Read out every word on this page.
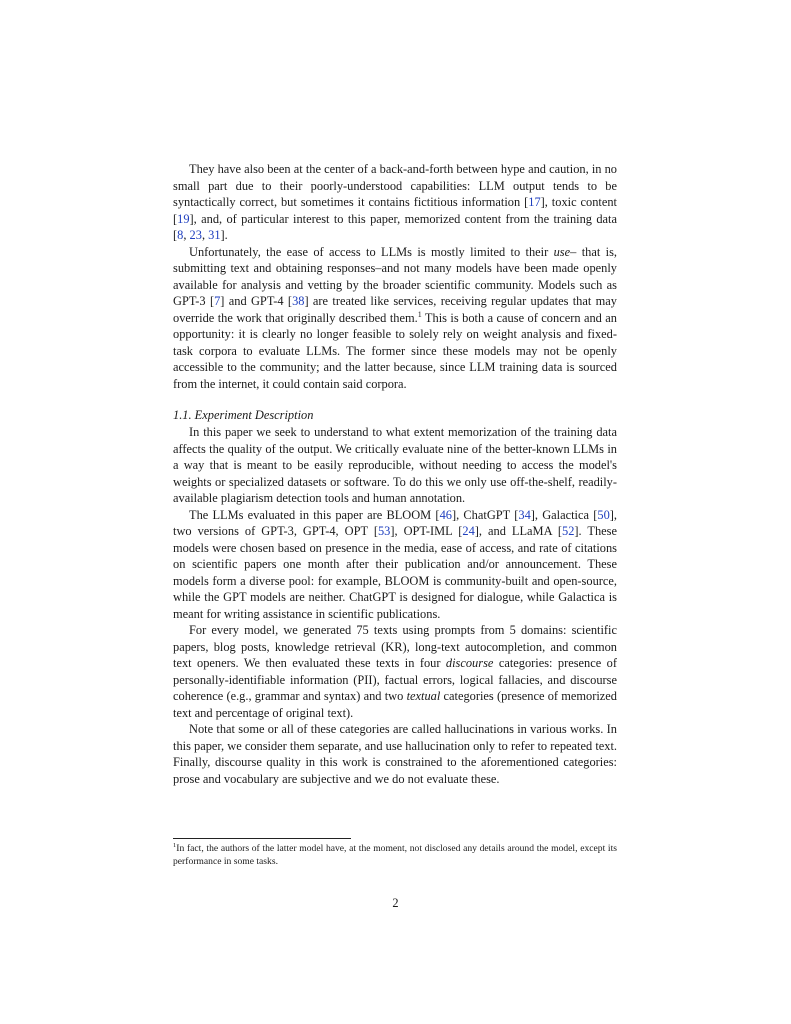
They have also been at the center of a back-and-forth between hype and caution, in no small part due to their poorly-understood capabilities: LLM output tends to be syntactically correct, but sometimes it contains fictitious information [17], toxic content [19], and, of particular interest to this paper, memorized content from the training data [8, 23, 31].

Unfortunately, the ease of access to LLMs is mostly limited to their use– that is, submitting text and obtaining responses–and not many models have been made openly available for analysis and vetting by the broader scientific community. Models such as GPT-3 [7] and GPT-4 [38] are treated like services, receiving regular updates that may override the work that originally described them.$^1$ This is both a cause of concern and an opportunity: it is clearly no longer feasible to solely rely on weight analysis and fixed-task corpora to evaluate LLMs. The former since these models may not be openly accessible to the community; and the latter because, since LLM training data is sourced from the internet, it could contain said corpora.

1.1. Experiment Description

In this paper we seek to understand to what extent memorization of the training data affects the quality of the output. We critically evaluate nine of the better-known LLMs in a way that is meant to be easily reproducible, without needing to access the model's weights or specialized datasets or software. To do this we only use off-the-shelf, readily-available plagiarism detection tools and human annotation.

The LLMs evaluated in this paper are BLOOM [46], ChatGPT [34], Galactica [50], two versions of GPT-3, GPT-4, OPT [53], OPT-IML [24], and LLaMA [52]. These models were chosen based on presence in the media, ease of access, and rate of citations on scientific papers one month after their publication and/or announcement. These models form a diverse pool: for example, BLOOM is community-built and open-source, while the GPT models are neither. ChatGPT is designed for dialogue, while Galactica is meant for writing assistance in scientific publications.

For every model, we generated 75 texts using prompts from 5 domains: scientific papers, blog posts, knowledge retrieval (KR), long-text autocompletion, and common text openers. We then evaluated these texts in four discourse categories: presence of personally-identifiable information (PII), factual errors, logical fallacies, and discourse coherence (e.g., grammar and syntax) and two textual categories (presence of memorized text and percentage of original text).

Note that some or all of these categories are called hallucinations in various works. In this paper, we consider them separate, and use hallucination only to refer to repeated text. Finally, discourse quality in this work is constrained to the aforementioned categories: prose and vocabulary are subjective and we do not evaluate these.

$^1$In fact, the authors of the latter model have, at the moment, not disclosed any details around the model, except its performance in some tasks.
2
